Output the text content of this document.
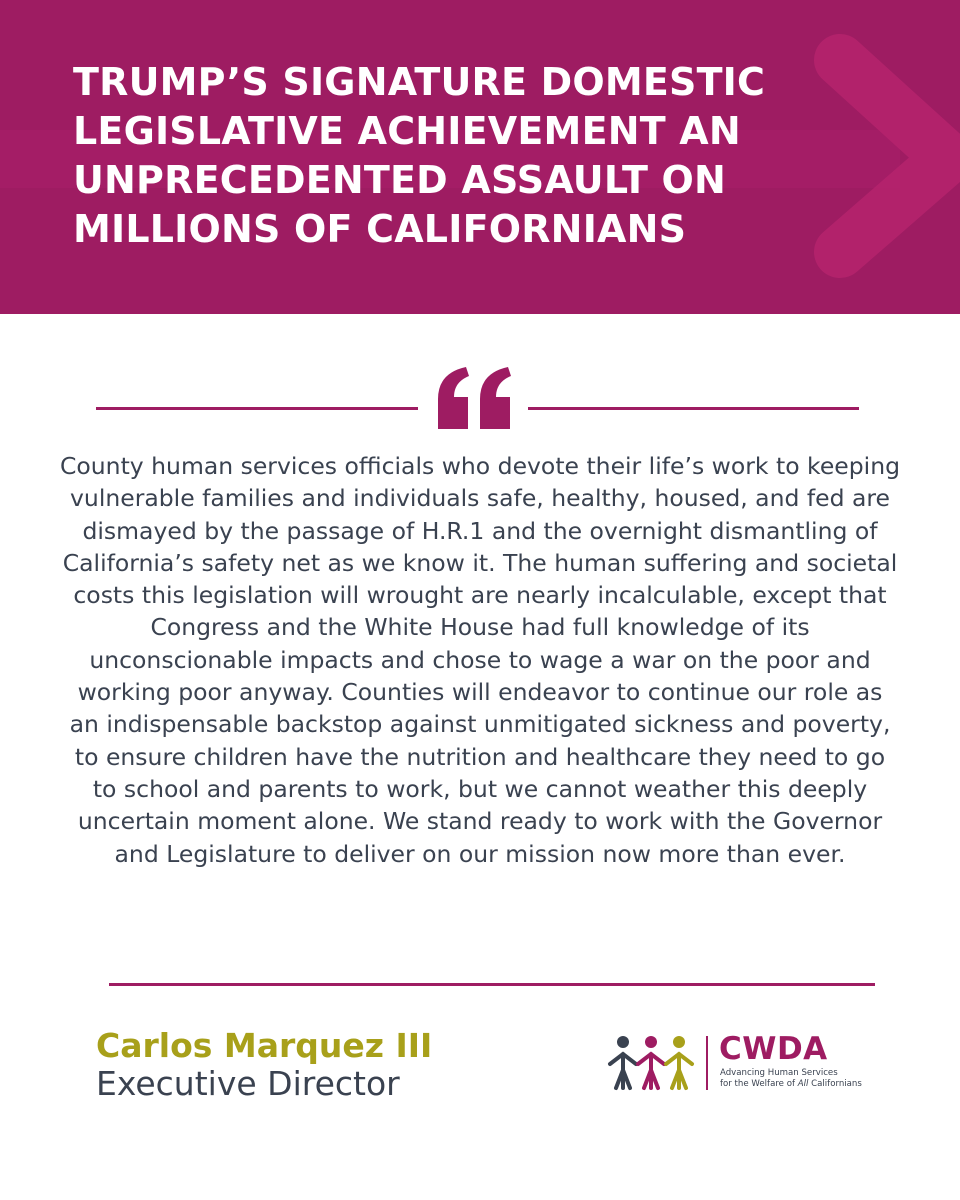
TRUMP’S SIGNATURE DOMESTIC LEGISLATIVE ACHIEVEMENT AN UNPRECEDENTED ASSAULT ON MILLIONS OF CALIFORNIANS

County human services officials who devote their life’s work to keeping vulnerable families and individuals safe, healthy, housed, and fed are dismayed by the passage of H.R.1 and the overnight dismantling of California’s safety net as we know it. The human suffering and societal costs this legislation will wrought are nearly incalculable, except that Congress and the White House had full knowledge of its unconscionable impacts and chose to wage a war on the poor and working poor anyway. Counties will endeavor to continue our role as an indispensable backstop against unmitigated sickness and poverty, to ensure children have the nutrition and healthcare they need to go to school and parents to work, but we cannot weather this deeply uncertain moment alone. We stand ready to work with the Governor and Legislature to deliver on our mission now more than ever.

Carlos Marquez III
Executive Director
CWDA
Advancing Human Services
for the Welfare of All Californians
